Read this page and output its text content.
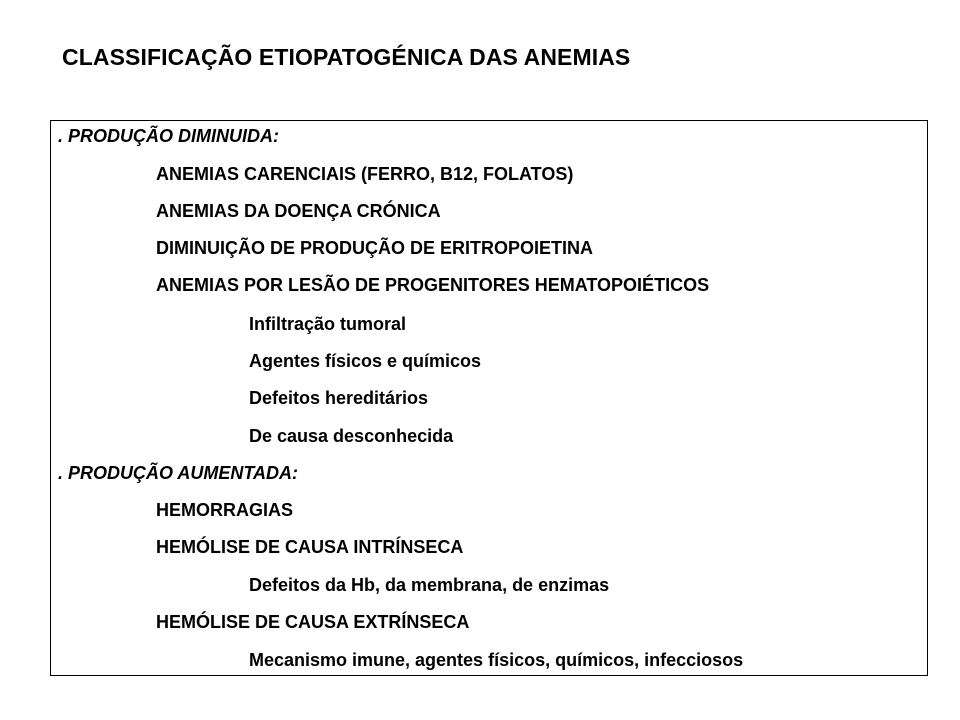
CLASSIFICAÇÃO ETIOPATOGÉNICA DAS ANEMIAS
. PRODUÇÃO DIMINUIDA:
ANEMIAS CARENCIAIS (FERRO, B12, FOLATOS)
ANEMIAS DA DOENÇA CRÓNICA
DIMINUIÇÃO DE PRODUÇÃO DE ERITROPOIETINA
ANEMIAS POR LESÃO DE PROGENITORES HEMATOPOIÉTICOS
Infiltração tumoral
Agentes físicos e químicos
Defeitos hereditários
De causa desconhecida
. PRODUÇÃO AUMENTADA:
HEMORRAGIAS
HEMÓLISE DE CAUSA INTRÍNSECA
Defeitos da Hb, da membrana, de enzimas
HEMÓLISE DE CAUSA EXTRÍNSECA
Mecanismo imune, agentes físicos, químicos, infecciosos
